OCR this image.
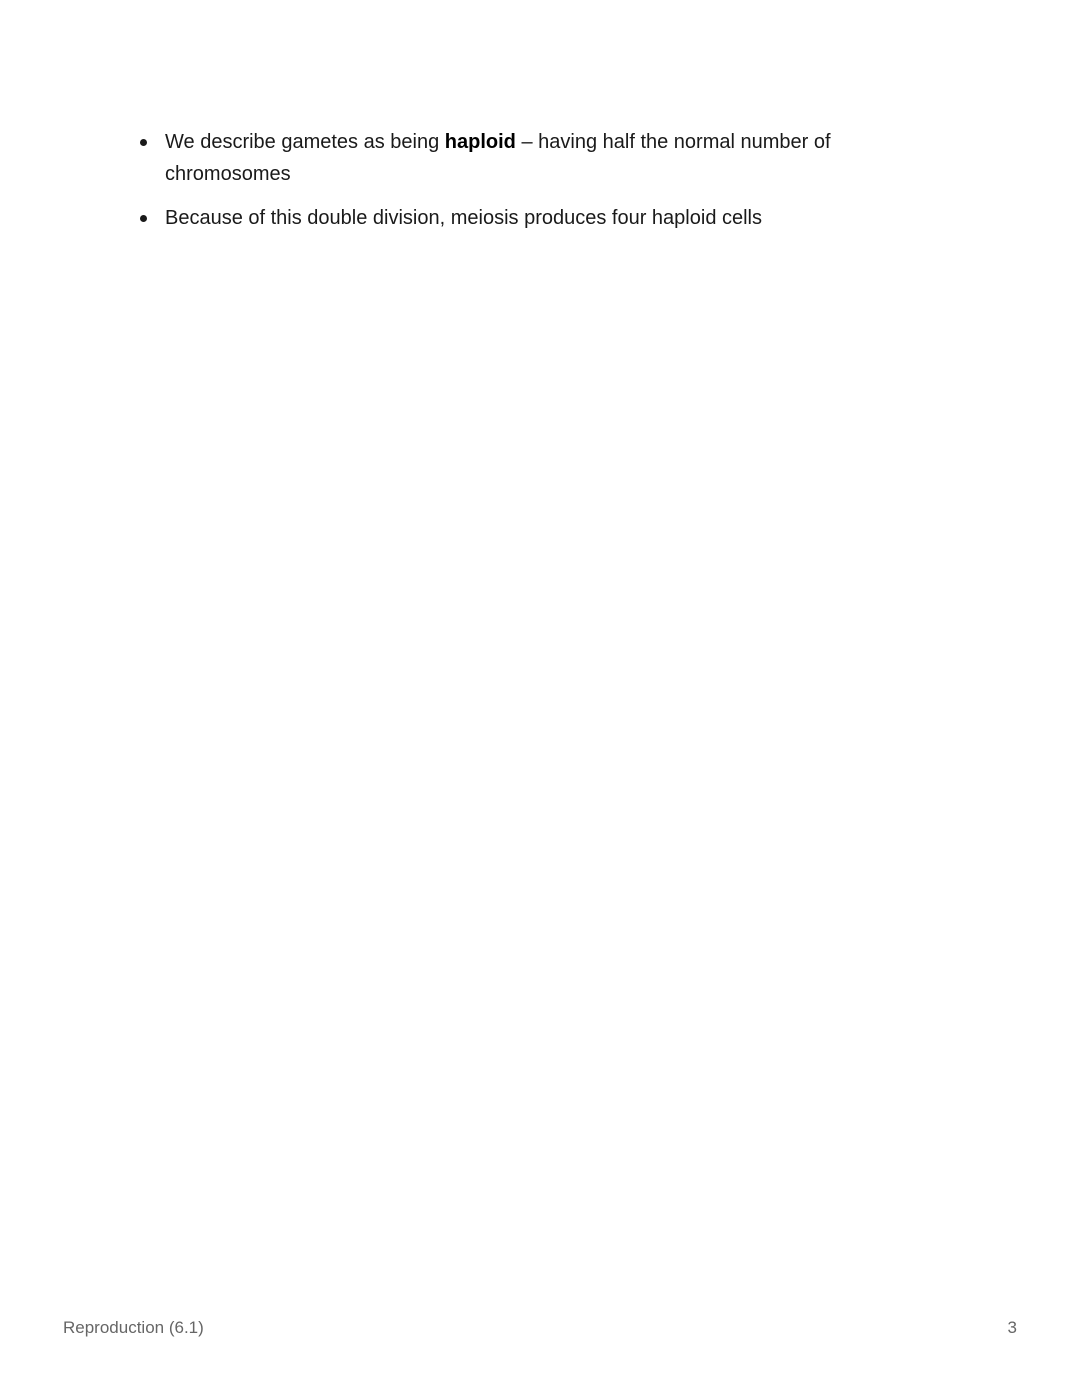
We describe gametes as being haploid – having half the normal number of chromosomes
Because of this double division, meiosis produces four haploid cells
Reproduction (6.1)	3
